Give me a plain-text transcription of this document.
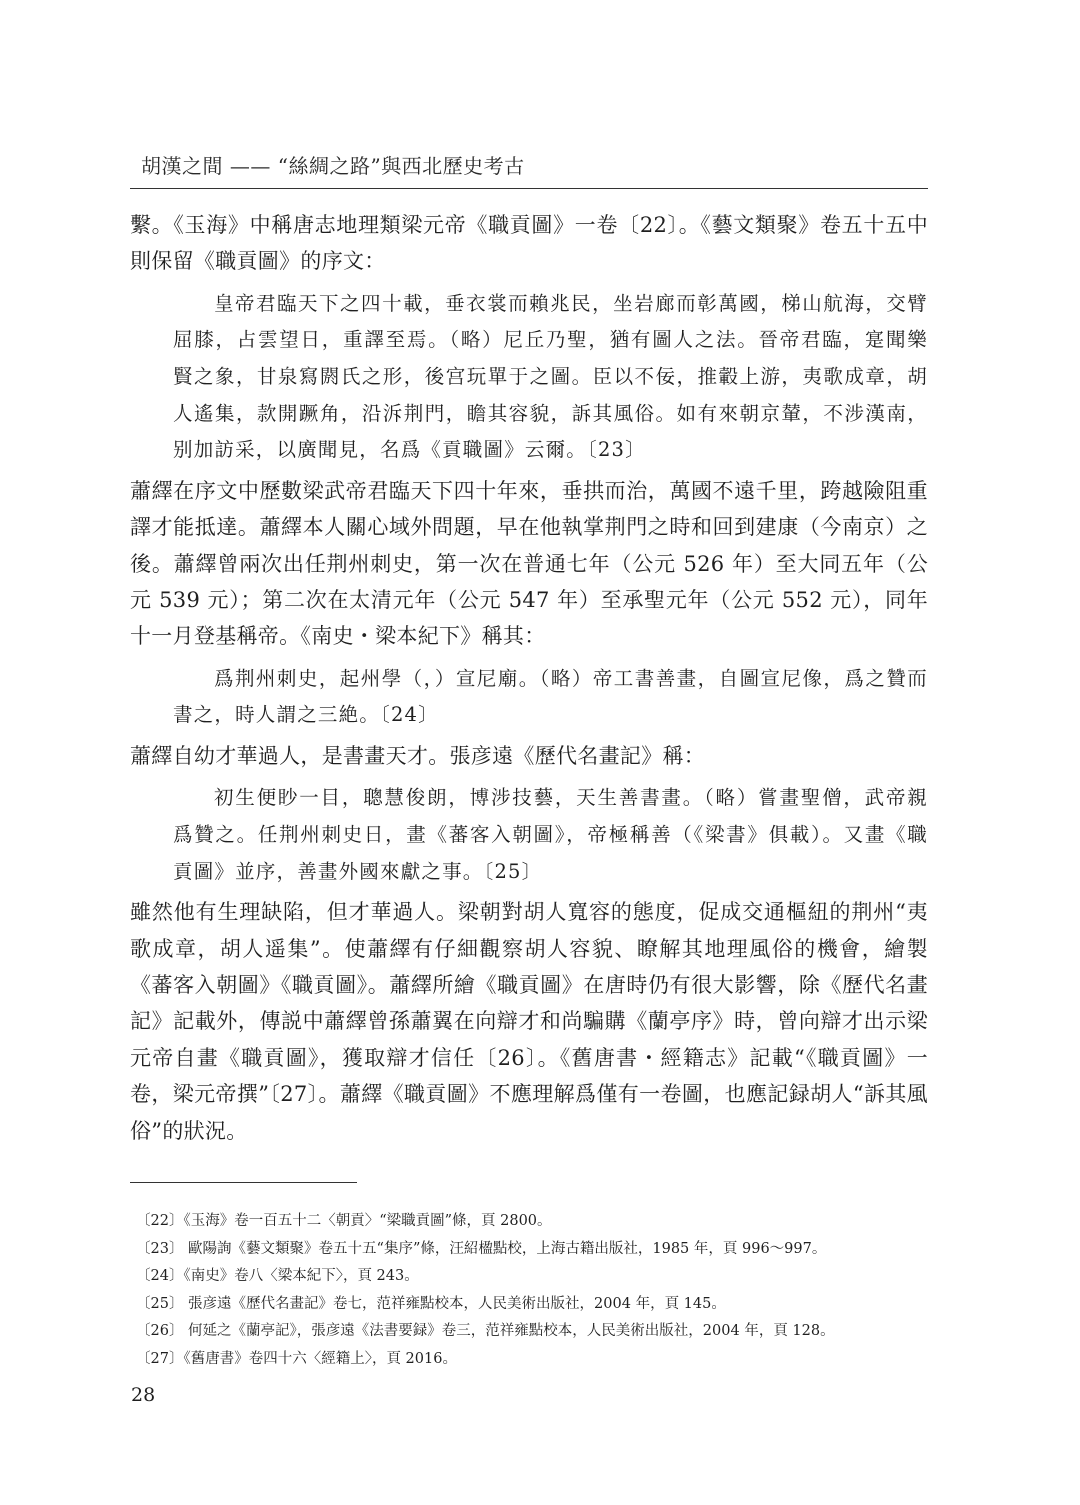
胡漢之間 —— “絲綢之路”與西北歷史考古

繫。《玉海》中稱唐志地理類梁元帝《職貢圖》一卷〔22〕。《藝文類聚》卷五十五中則保留《職貢圖》的序文：

皇帝君臨天下之四十載，垂衣裳而賴兆民，坐岩廊而彰萬國，梯山航海，交臂屈膝，占雲望日，重譯至焉。（略）尼丘乃聖，猶有圖人之法。晉帝君臨，寔聞樂賢之象，甘泉寫閼氏之形，後宫玩單于之圖。臣以不佞，推轂上游，夷歌成章，胡人遙集，款開蹶角，沿泝荆門，瞻其容貌，訴其風俗。如有來朝京輦，不涉漢南，别加訪采，以廣聞見，名爲《貢職圖》云爾。〔23〕

蕭繹在序文中歷數梁武帝君臨天下四十年來，垂拱而治，萬國不遠千里，跨越險阻重譯才能抵達。蕭繹本人關心域外問題，早在他執掌荆門之時和回到建康（今南京）之後。蕭繹曾兩次出任荆州刺史，第一次在普通七年（公元 526 年）至大同五年（公元 539 元）；第二次在太清元年（公元 547 年）至承聖元年（公元 552 元），同年十一月登基稱帝。《南史・梁本紀下》稱其：

爲荆州刺史，起州學（，）宣尼廟。（略）帝工書善畫，自圖宣尼像，爲之贊而書之，時人謂之三絶。〔24〕

蕭繹自幼才華過人，是書畫天才。張彦遠《歷代名畫記》稱：

初生便眇一目，聰慧俊朗，博涉技藝，天生善書畫。（略）嘗畫聖僧，武帝親爲贊之。任荆州刺史日，畫《蕃客入朝圖》，帝極稱善（《梁書》俱載）。又畫《職貢圖》並序，善畫外國來獻之事。〔25〕

雖然他有生理缺陷，但才華過人。梁朝對胡人寬容的態度，促成交通樞紐的荆州“夷歌成章，胡人遥集”。使蕭繹有仔細觀察胡人容貌、瞭解其地理風俗的機會，繪製《蕃客入朝圖》《職貢圖》。蕭繹所繪《職貢圖》在唐時仍有很大影響，除《歷代名畫記》記載外，傳説中蕭繹曾孫蕭翼在向辯才和尚騙購《蘭亭序》時，曾向辯才出示梁元帝自畫《職貢圖》，獲取辯才信任〔26〕。《舊唐書・經籍志》記載“《職貢圖》一卷，梁元帝撰”〔27〕。蕭繹《職貢圖》不應理解爲僅有一卷圖，也應記録胡人“訴其風俗”的狀況。

〔22〕《玉海》卷一百五十二〈朝貢〉“梁職貢圖”條，頁 2800。
〔23〕 歐陽詢《藝文類聚》卷五十五“集序”條，汪紹楹點校，上海古籍出版社，1985 年，頁 996～997。
〔24〕《南史》卷八〈梁本紀下〉，頁 243。
〔25〕 張彦遠《歷代名畫記》卷七，范祥雍點校本，人民美術出版社，2004 年，頁 145。
〔26〕 何延之《蘭亭記》，張彦遠《法書要録》卷三，范祥雍點校本，人民美術出版社，2004 年，頁 128。
〔27〕《舊唐書》卷四十六〈經籍上〉，頁 2016。
28
